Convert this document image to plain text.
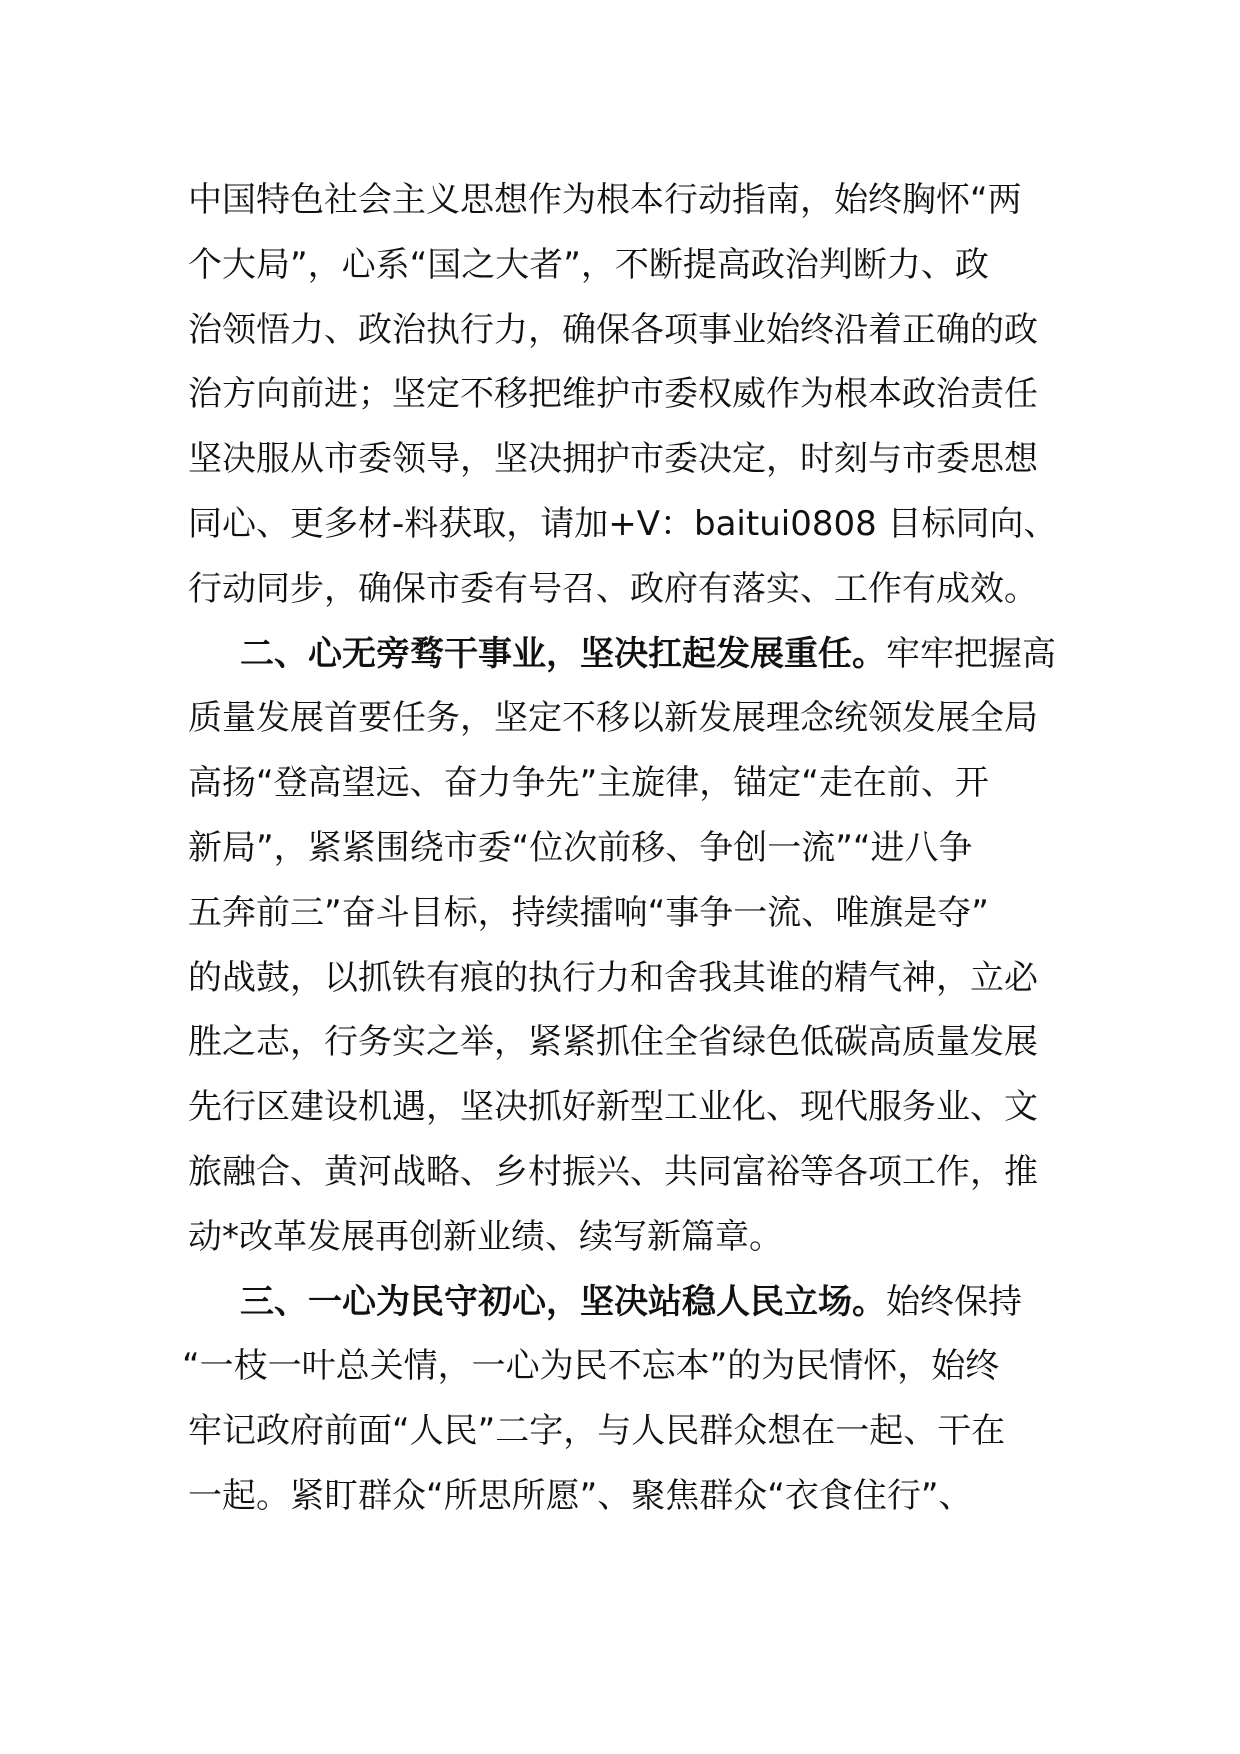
中国特色社会主义思想作为根本行动指南，始终胸怀“两
个大局”，心系“国之大者”，不断提高政治判断力、政
治领悟力、政治执行力，确保各项事业始终沿着正确的政
治方向前进；坚定不移把维护市委权威作为根本政治责任
坚决服从市委领导，坚决拥护市委决定，时刻与市委思想
同心、更多材-料获取，请加+V：baitui0808 目标同向、
行动同步，确保市委有号召、政府有落实、工作有成效。
二、心无旁骛干事业，坚决扛起发展重任。牢牢把握高
质量发展首要任务，坚定不移以新发展理念统领发展全局
高扬“登高望远、奋力争先”主旋律，锚定“走在前、开
新局”，紧紧围绕市委“位次前移、争创一流”“进八争
五奔前三”奋斗目标，持续擂响“事争一流、唯旗是夺”
的战鼓，以抓铁有痕的执行力和舍我其谁的精气神，立必
胜之志，行务实之举，紧紧抓住全省绿色低碳高质量发展
先行区建设机遇，坚决抓好新型工业化、现代服务业、文
旅融合、黄河战略、乡村振兴、共同富裕等各项工作，推
动*改革发展再创新业绩、续写新篇章。
三、一心为民守初心，坚决站稳人民立场。始终保持
“一枝一叶总关情，一心为民不忘本”的为民情怀，始终
牢记政府前面“人民”二字，与人民群众想在一起、干在
一起。紧盯群众“所思所愿”、聚焦群众“衣食住行”、
